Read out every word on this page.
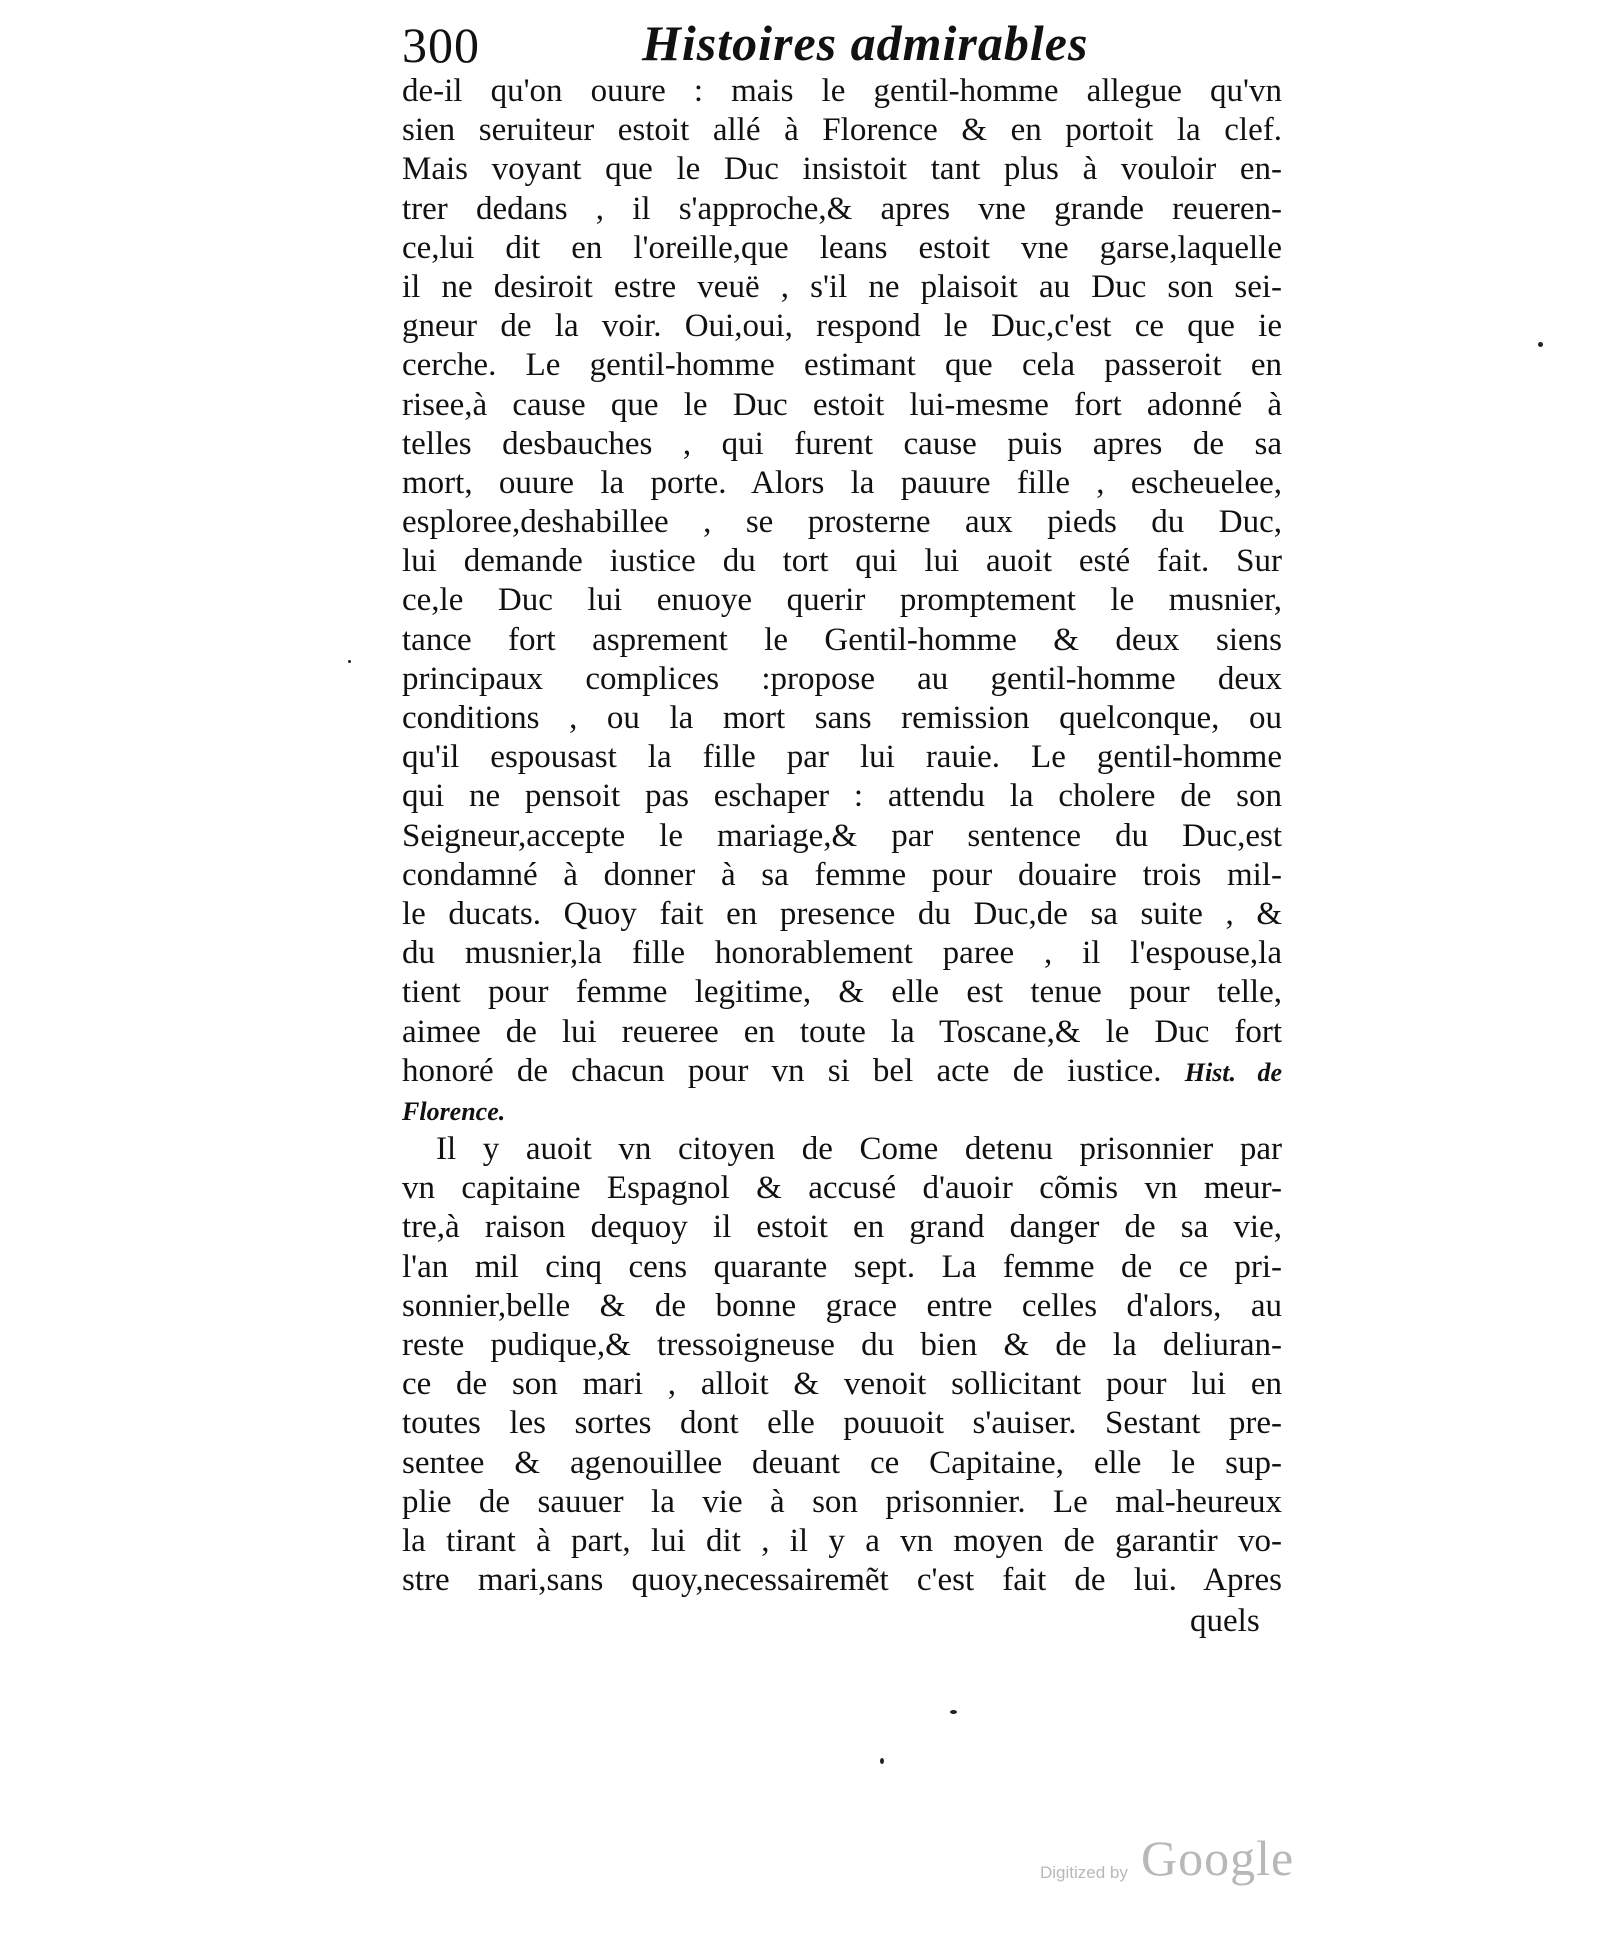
300	Histoires admirables
de-il qu'on ouure : mais le gentil-homme allegue qu'vn
sien seruiteur estoit allé à Florence & en portoit la clef.
Mais voyant que le Duc insistoit tant plus à vouloir en-
trer dedans , il s'approche,& apres vne grande reueren-
ce,lui dit en l'oreille,que leans estoit vne garse,laquelle
il ne desiroit estre veuë , s'il ne plaisoit au Duc son sei-
gneur de la voir. Oui,oui, respond le Duc,c'est ce que ie
cerche. Le gentil-homme estimant que cela passeroit en
risee,à cause que le Duc estoit lui-mesme fort adonné à
telles desbauches , qui furent cause puis apres de sa
mort, ouure la porte. Alors la pauure fille , escheuelee,
esploree,deshabillee , se prosterne aux pieds du Duc,
lui demande iustice du tort qui lui auoit esté fait. Sur
ce,le Duc lui enuoye querir promptement le musnier,
tance fort asprement le Gentil-homme & deux siens
principaux complices :propose au gentil-homme deux
conditions , ou la mort sans remission quelconque, ou
qu'il espousast la fille par lui rauie. Le gentil-homme
qui ne pensoit pas eschaper : attendu la cholere de son
Seigneur,accepte le mariage,& par sentence du Duc,est
condamné à donner à sa femme pour douaire trois mil-
le ducats. Quoy fait en presence du Duc,de sa suite , &
du musnier,la fille honorablement paree , il l'espouse,la
tient pour femme legitime, & elle est tenue pour telle,
aimee de lui reueree en toute la Toscane,& le Duc fort
honoré de chacun pour vn si bel acte de iustice. Hist. de
Florence.
Il y auoit vn citoyen de Come detenu prisonnier par
vn capitaine Espagnol & accusé d'auoir cõmis vn meur-
tre,à raison dequoy il estoit en grand danger de sa vie,
l'an mil cinq cens quarante sept. La femme de ce pri-
sonnier,belle & de bonne grace entre celles d'alors, au
reste pudique,& tressoigneuse du bien & de la deliuran-
ce de son mari , alloit & venoit sollicitant pour lui en
toutes les sortes dont elle pouuoit s'auiser. Sestant pre-
sentee & agenouillee deuant ce Capitaine, elle le sup-
plie de sauuer la vie à son prisonnier. Le mal-heureux
la tirant à part, lui dit , il y a vn moyen de garantir vo-
stre mari,sans quoy,necessairemẽt c'est fait de lui. Apres
quels
Digitized by Google
